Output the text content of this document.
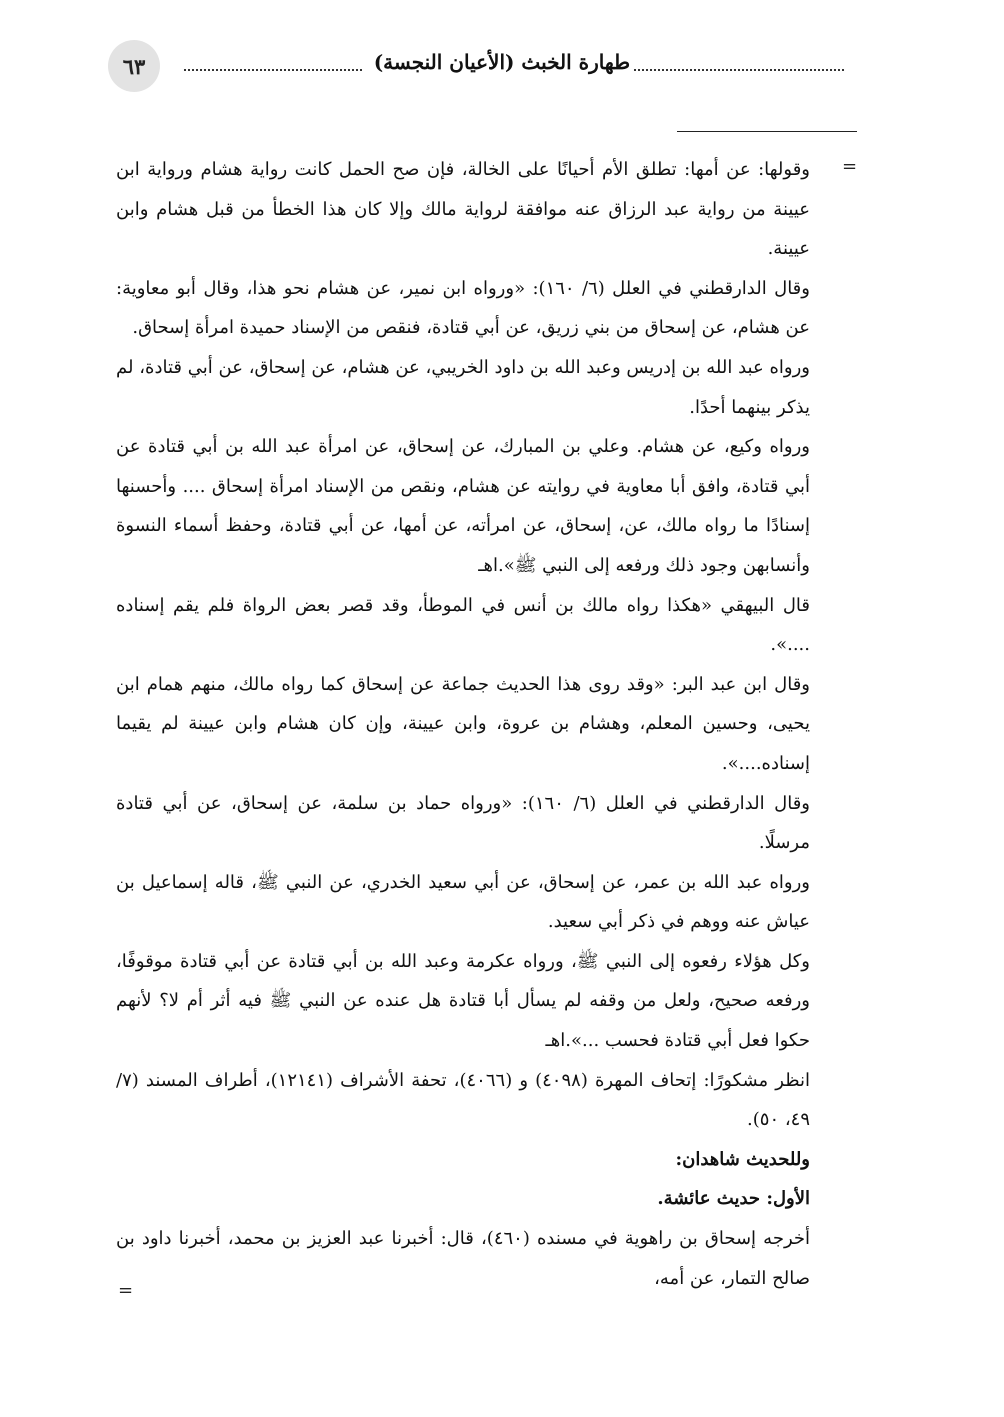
٦٣	طهارة الخبث (الأعيان النجسة)
=

وقولها: عن أمها: تطلق الأم أحيانًا على الخالة، فإن صح الحمل كانت رواية هشام ورواية ابن عيينة من رواية عبد الرزاق عنه موافقة لرواية مالك وإلا كان هذا الخطأ من قبل هشام وابن عيينة.

وقال الدارقطني في العلل (٦/ ١٦٠): «ورواه ابن نمير، عن هشام نحو هذا، وقال أبو معاوية: عن هشام، عن إسحاق من بني زريق، عن أبي قتادة، فنقص من الإسناد حميدة امرأة إسحاق.

ورواه عبد الله بن إدريس وعبد الله بن داود الخريبي، عن هشام، عن إسحاق، عن أبي قتادة، لم يذكر بينهما أحدًا.

ورواه وكيع، عن هشام. وعلي بن المبارك، عن إسحاق، عن امرأة عبد الله بن أبي قتادة عن أبي قتادة، وافق أبا معاوية في روايته عن هشام، ونقص من الإسناد امرأة إسحاق .... وأحسنها إسنادًا ما رواه مالك، عن، إسحاق، عن امرأته، عن أمها، عن أبي قتادة، وحفظ أسماء النسوة وأنسابهن وجود ذلك ورفعه إلى النبي ﷺ».اهـ

قال البيهقي «هكذا رواه مالك بن أنس في الموطأ، وقد قصر بعض الرواة فلم يقم إسناده ....».

وقال ابن عبد البر: «وقد روى هذا الحديث جماعة عن إسحاق كما رواه مالك، منهم همام ابن يحيى، وحسين المعلم، وهشام بن عروة، وابن عيينة، وإن كان هشام وابن عيينة لم يقيما إسناده....».

وقال الدارقطني في العلل (٦/ ١٦٠): «ورواه حماد بن سلمة، عن إسحاق، عن أبي قتادة مرسلًا.

ورواه عبد الله بن عمر، عن إسحاق، عن أبي سعيد الخدري، عن النبي ﷺ، قاله إسماعيل بن عياش عنه ووهم في ذكر أبي سعيد.

وكل هؤلاء رفعوه إلى النبي ﷺ، ورواه عكرمة وعبد الله بن أبي قتادة عن أبي قتادة موقوفًا، ورفعه صحيح، ولعل من وقفه لم يسأل أبا قتادة هل عنده عن النبي ﷺ فيه أثر أم لا؟ لأنهم حكوا فعل أبي قتادة فحسب ...».اهـ

انظر مشكورًا: إتحاف المهرة (٤٠٩٨) و (٤٠٦٦)، تحفة الأشراف (١٢١٤١)، أطراف المسند (٧/ ٤٩، ٥٠).

وللحديث شاهدان:

الأول: حديث عائشة.

أخرجه إسحاق بن راهوية في مسنده (٤٦٠)، قال: أخبرنا عبد العزيز بن محمد، أخبرنا داود بن صالح التمار، عن أمه،

=
